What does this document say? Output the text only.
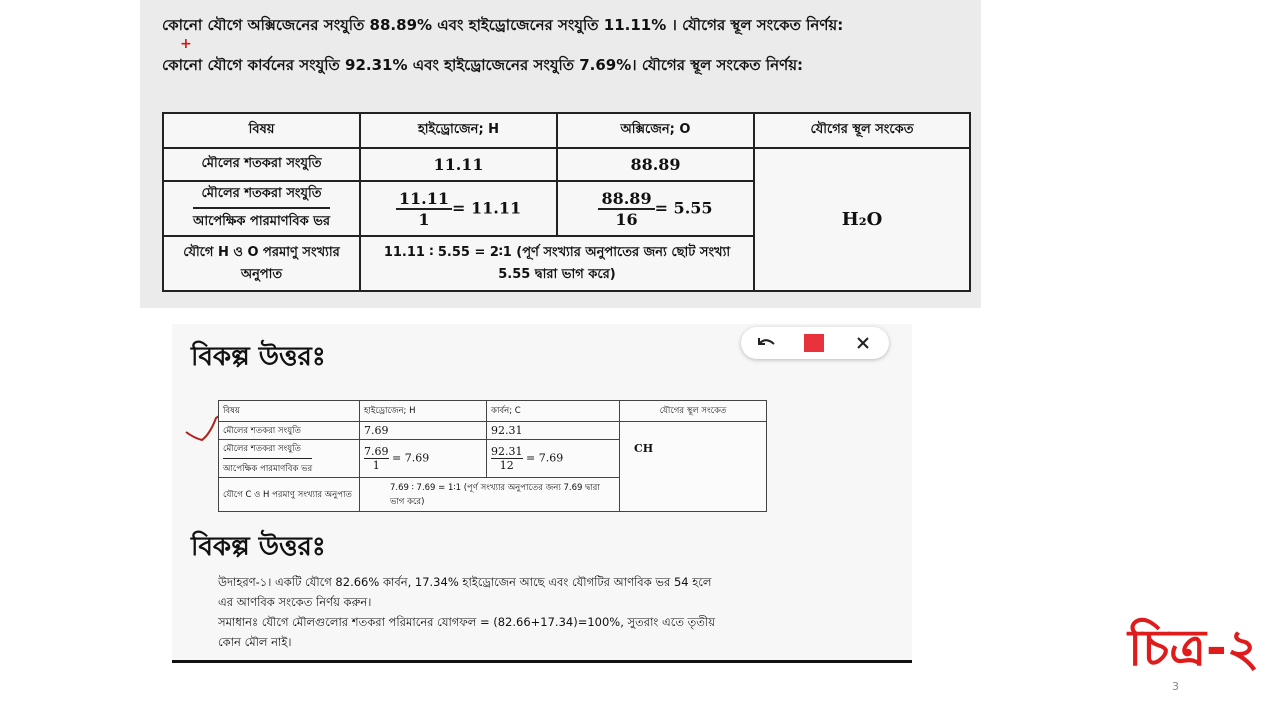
কোনো যৌগে অক্সিজেনের সংযুতি 88.89% এবং হাইড্রোজেনের সংযুতি 11.11% । যৌগের স্থূল সংকেত নির্ণয়:
+
কোনো যৌগে কার্বনের সংযুতি 92.31% এবং হাইড্রোজেনের সংযুতি 7.69%। যৌগের স্থূল সংকেত নির্ণয়:
বিষয়	হাইড্রোজেন; H	অক্সিজেন; O	যৌগের স্থূল সংকেত
মৌলের শতকরা সংযুতি	11.11	88.89	H₂O

$\frac{\text{মৌলের শতকরা সংযুতি}}{\text{আপেক্ষিক পারমাণবিক ভর}}$	$\frac{11.11}{1} = 11.11$	$\frac{88.89}{16} = 5.55$	
যৌগে H ও O পরমাণু সংখ্যার অনুপাত	11.11 ∶ 5.55 = 2∶1 (পূর্ণ সংখ্যার অনুপাতের জন্য ছোট সংখ্যা 5.55 দ্বারা ভাগ করে)		
বিকল্প উত্তরঃ
বিষয়	হাইড্রোজেন; H	কার্বন; C	যৌগের স্থূল সংকেত
মৌলের শতকরা সংযুতি	7.69	92.31	CH

$\frac{\text{মৌলের শতকরা সংযুতি}}{\text{আপেক্ষিক পারমাণবিক ভর}}$	$\frac{7.69}{1} = 7.69$	$\frac{92.31}{12} = 7.69$	
যৌগে C ও H পরমাণু সংখ্যার অনুপাত	7.69 ∶ 7.69 = 1∶1 (পূর্ণ সংখ্যার অনুপাতের জন্য 7.69 দ্বারা ভাগ করে)		
বিকল্প উত্তরঃ
উদাহরণ-১। একটি যৌগে 82.66% কার্বন, 17.34% হাইড্রোজেন আছে এবং যৌগটির আণবিক ভর 54 হলে
এর আণবিক সংকেত নির্ণয় করুন।
সমাধানঃ যৌগে মৌলগুলোর শতকরা পরিমানের যোগফল = (82.66+17.34)=100%, সুতরাং এতে তৃতীয়
কোন মৌল নাই।	চিত্র-২
3
